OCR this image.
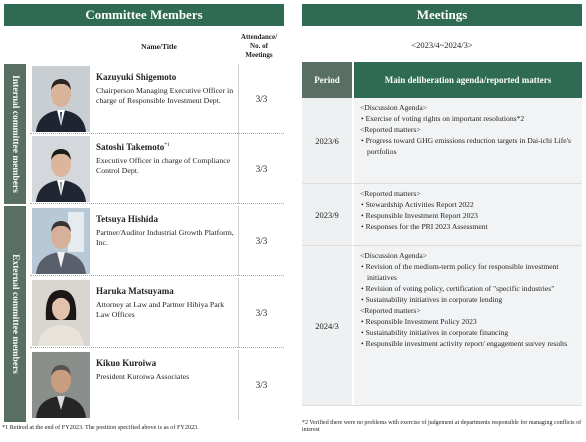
Committee Members
Name/Title
Attendance/ No. of Meetings
Internal committee members
External committee members
Kazuyuki Shigemoto
Chairperson Managing Executive Officer in charge of Responsible Investment Dept.	3/3
Satoshi Takemoto$^{*1}$
Executive Officer in charge of Compliance Control Dept.	3/3
Tetsuya Hishida
Partner/Auditor Industrial Growth Platform, Inc.	3/3
Haruka Matsuyama
Attorney at Law and Partner Hibiya Park Law Offices	3/3
Kikuo Kuroiwa
President Kuroiwa Associates
3/3
*1 Retired at the end of FY2023. The position specified above is as of FY2023.
Meetings
<2023/4~2024/3>
Period	Main deliberation agenda/reported matters
2023/6
<Discussion Agenda>
• Exercise of voting rights on important resolutions*2
<Reported matters>
• Progress toward GHG emissions reduction targets in Dai-ichi Life's portfolios
2023/9
<Reported matters>
• Stewardship Activities Report 2022
• Responsible Investment Report 2023
• Responses for the PRI 2023 Assessment
2024/3
<Discussion Agenda>
• Revision of the medium-term policy for responsible investment initiatives
• Revision of voting policy, certification of "specific industries"
• Sustainability initiatives in corporate lending
<Reported matters>
• Responsible Investment Policy 2023
• Sustainability initiatives in corporate financing
• Responsible investment activity report/ engagement survey results
*2 Verified there were no problems with exercise of judgement at departments responsible for managing conflicts of interest
